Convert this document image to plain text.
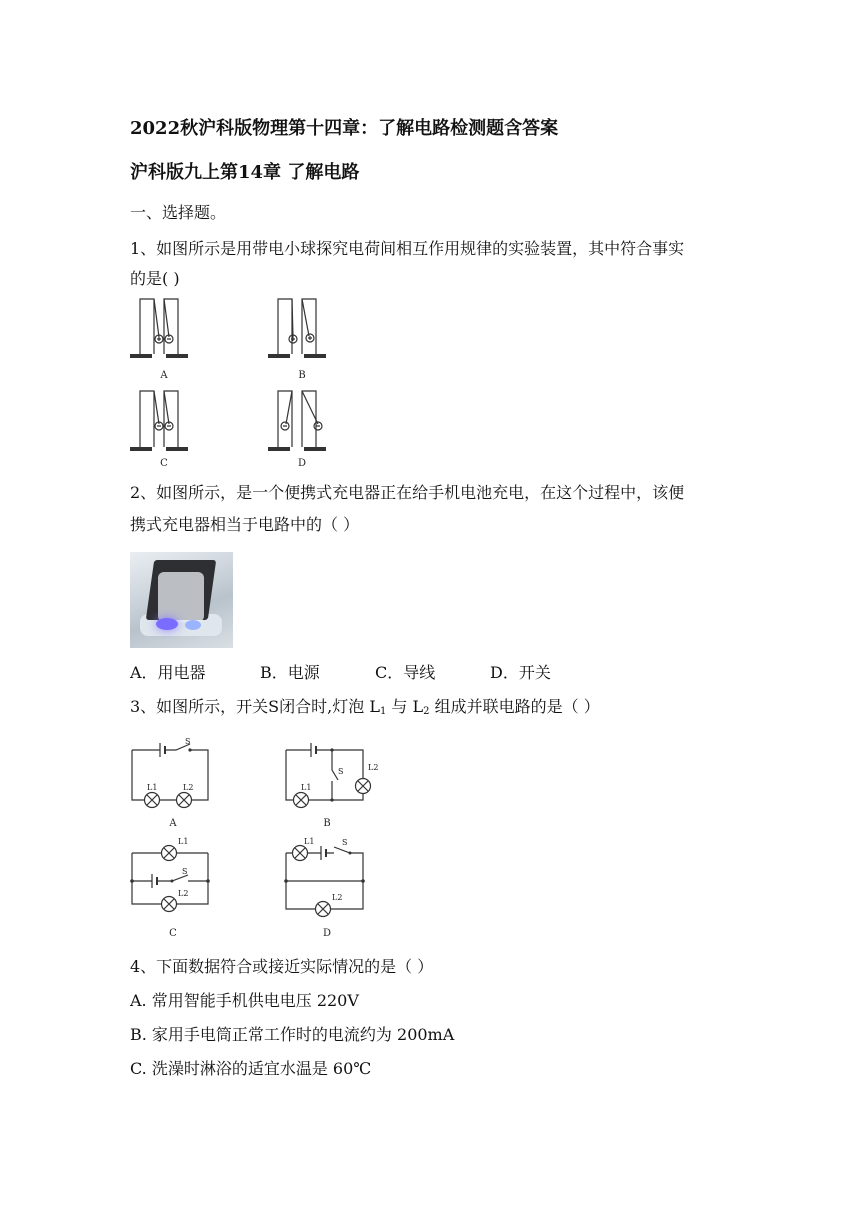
2022秋沪科版物理第十四章：了解电路检测题含答案
沪科版九上第14章 了解电路
一、选择题。
1、如图所示是用带电小球探究电荷间相互作用规律的实验装置，其中符合事实
的是( )
A	B
C	D
2、如图所示，是一个便携式充电器正在给手机电池充电，在这个过程中，该便
携式充电器相当于电路中的（ ）
A．用电器	B．电源	C．导线	D．开关
3、如图所示，开关S闭合时,灯泡 $L_1$ 与 $L_2$ 组成并联电路的是（ ）
S
L1	L2
S	L2
L1
L1
S
L2
L1	S
L2
A	B
C	D
4、下面数据符合或接近实际情况的是（ ）
A. 常用智能手机供电电压 220V
B. 家用手电筒正常工作时的电流约为 200mA
C. 洗澡时淋浴的适宜水温是 60℃
